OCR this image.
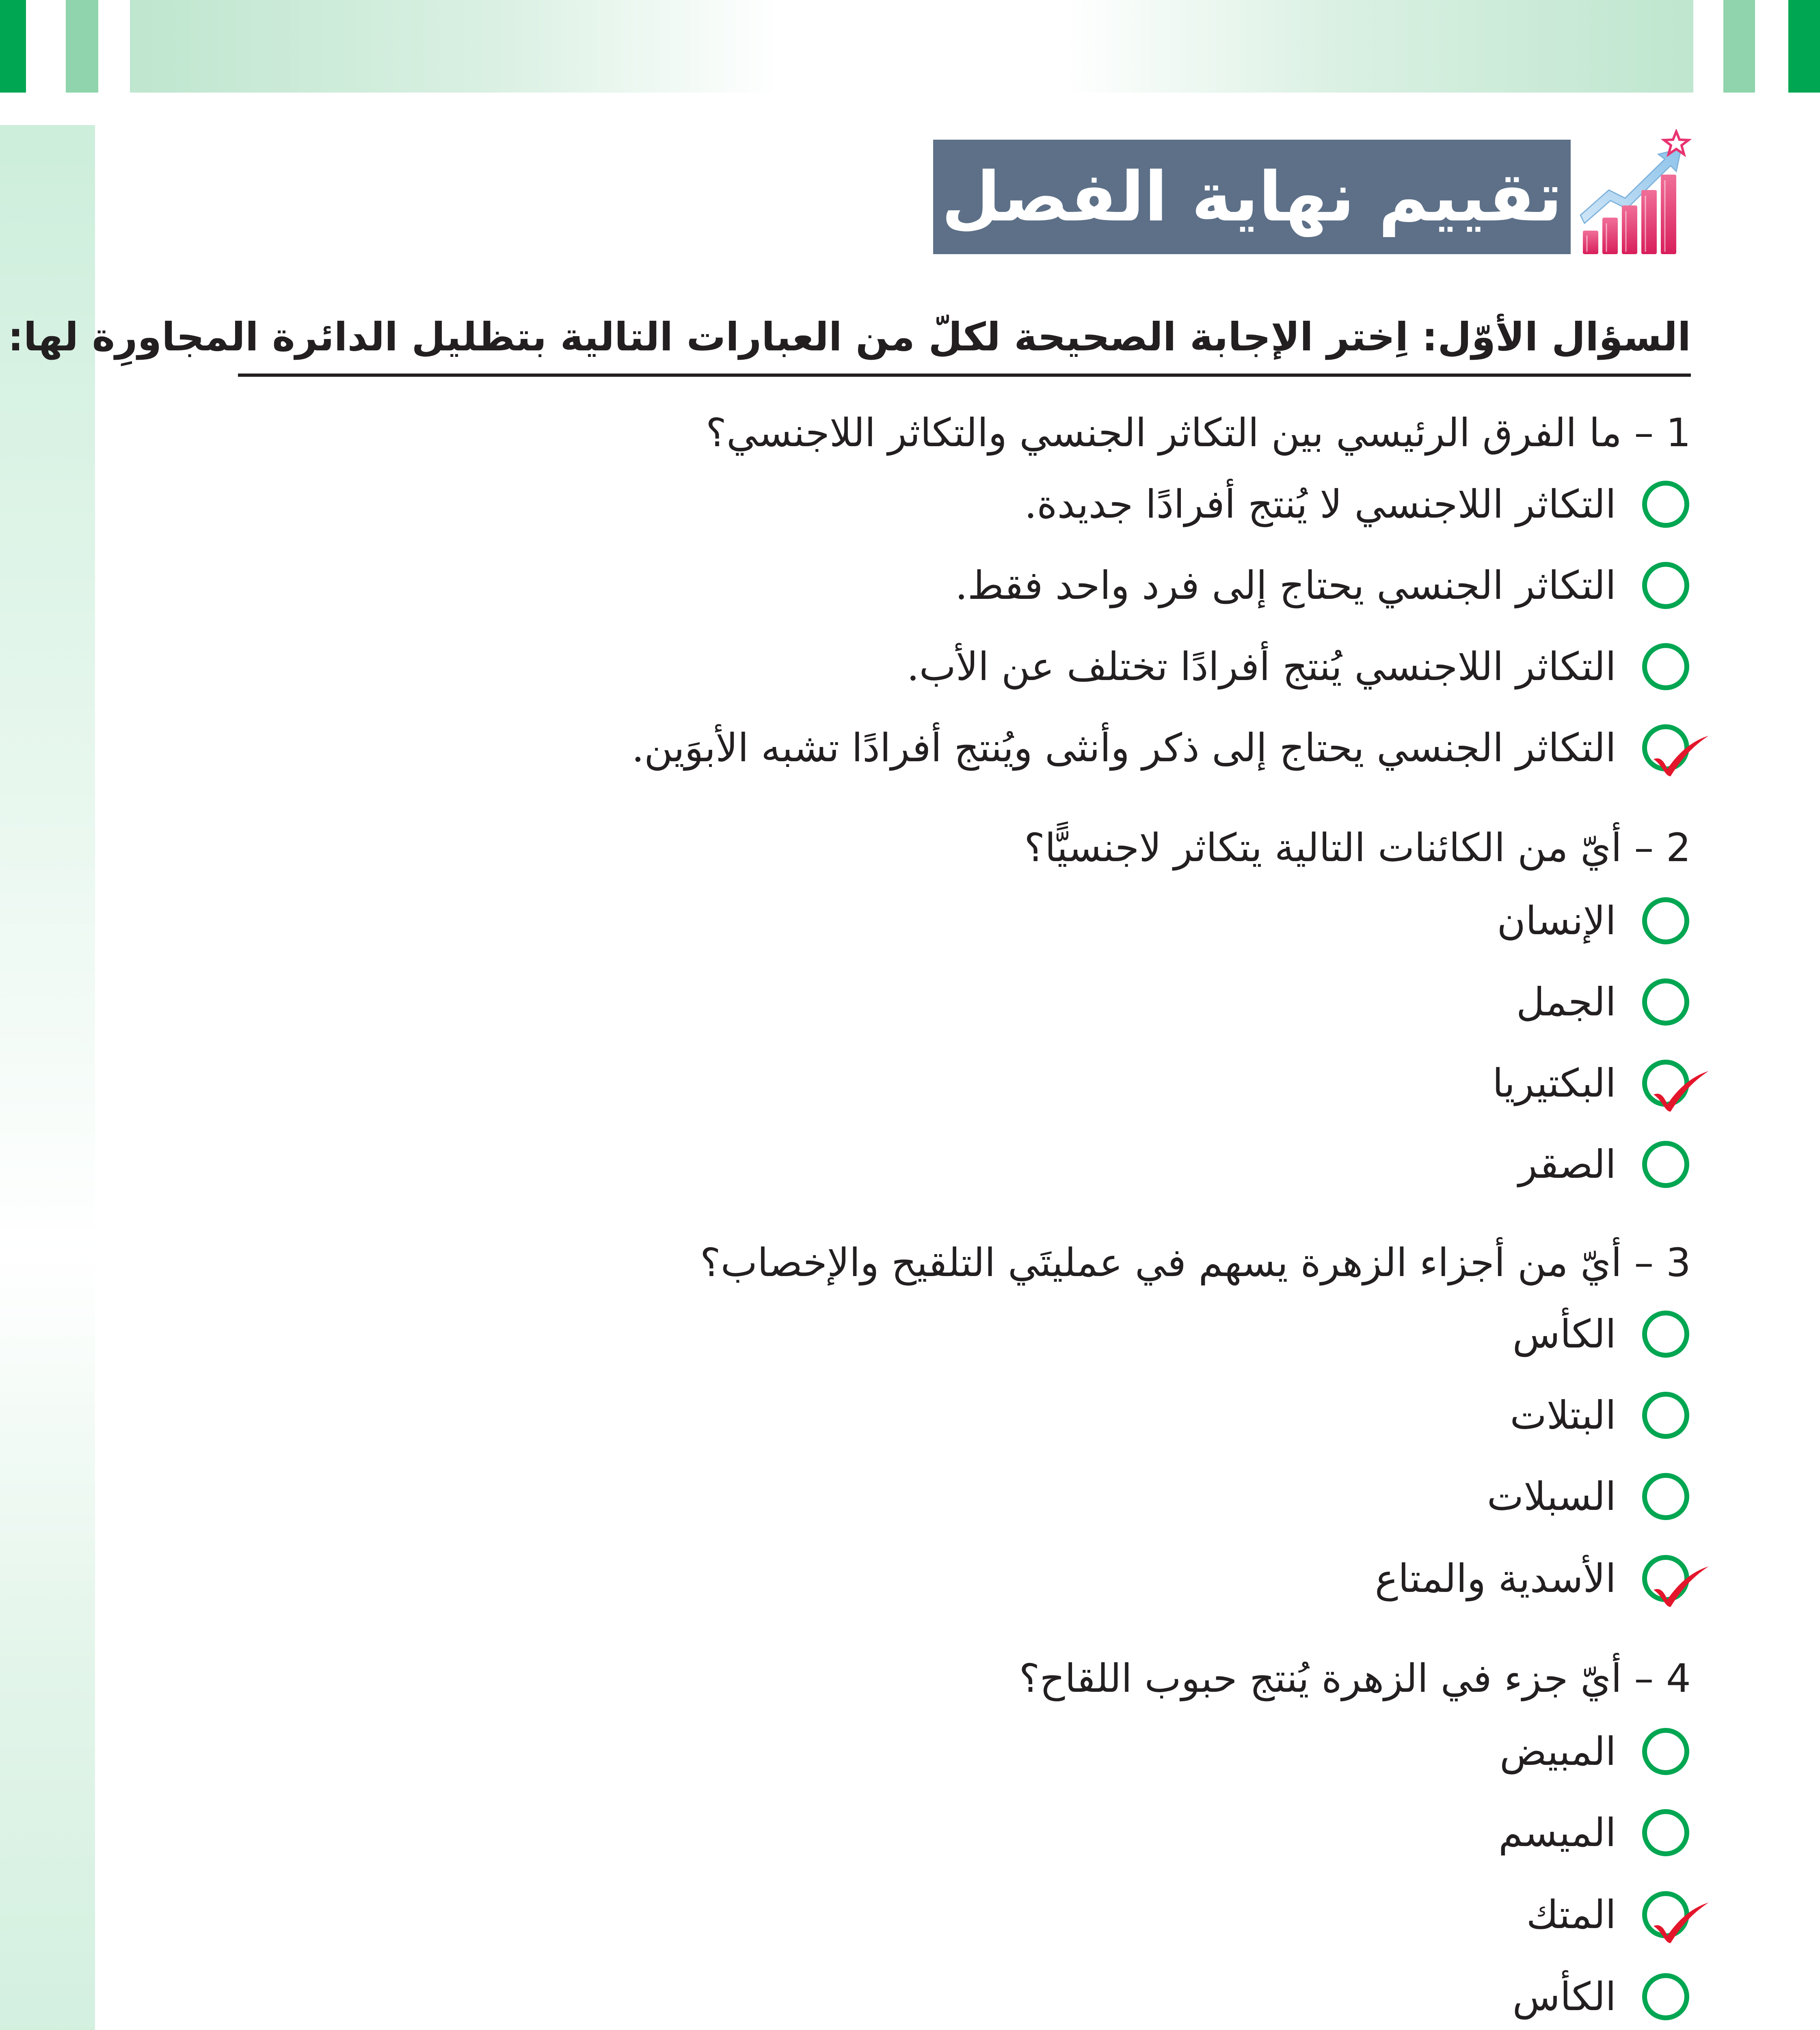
تقييم نهاية الفصل
السؤال الأوّل: اِختر الإجابة الصحيحة لكلّ من العبارات التالية بتظليل الدائرة المجاورِة لها:
1 – ما الفرق الرئيسي بين التكاثر الجنسي والتكاثر اللاجنسي؟
التكاثر اللاجنسي لا يُنتج أفرادًا جديدة.
التكاثر الجنسي يحتاج إلى فرد واحد فقط.
التكاثر اللاجنسي يُنتج أفرادًا تختلف عن الأب.
التكاثر الجنسي يحتاج إلى ذكر وأنثى ويُنتج أفرادًا تشبه الأبوَين.
2 – أيّ من الكائنات التالية يتكاثر لاجنسيًّا؟
الإنسان
الجمل
البكتيريا
الصقر
3 – أيّ من أجزاء الزهرة يسهم في عمليتَي التلقيح والإخصاب؟
الكأس
البتلات
السبلات
الأسدية والمتاع
4 – أيّ جزء في الزهرة يُنتج حبوب اللقاح؟
المبيض
الميسم
المتك
الكأس
